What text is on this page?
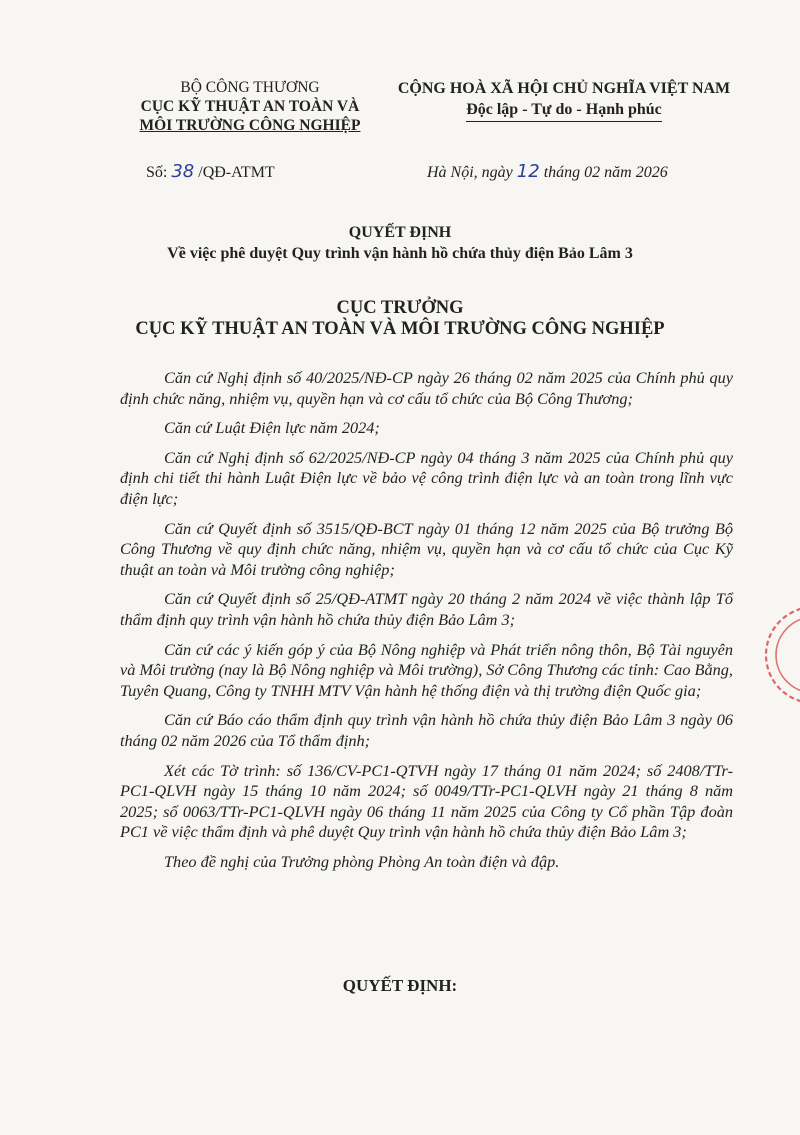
BỘ CÔNG THƯƠNG
CỤC KỸ THUẬT AN TOÀN VÀ
MÔI TRƯỜNG CÔNG NGHIỆP
CỘNG HOÀ XÃ HỘI CHỦ NGHĨA VIỆT NAM
Độc lập - Tự do - Hạnh phúc
Số: 38 /QĐ-ATMT	Hà Nội, ngày 12 tháng 02 năm 2026
QUYẾT ĐỊNH
Về việc phê duyệt Quy trình vận hành hồ chứa thủy điện Bảo Lâm 3
CỤC TRƯỞNG
CỤC KỸ THUẬT AN TOÀN VÀ MÔI TRƯỜNG CÔNG NGHIỆP

Căn cứ Nghị định số 40/2025/NĐ-CP ngày 26 tháng 02 năm 2025 của Chính phủ quy định chức năng, nhiệm vụ, quyền hạn và cơ cấu tổ chức của Bộ Công Thương;

Căn cứ Luật Điện lực năm 2024;

Căn cứ Nghị định số 62/2025/NĐ-CP ngày 04 tháng 3 năm 2025 của Chính phủ quy định chi tiết thi hành Luật Điện lực về bảo vệ công trình điện lực và an toàn trong lĩnh vực điện lực;

Căn cứ Quyết định số 3515/QĐ-BCT ngày 01 tháng 12 năm 2025 của Bộ trưởng Bộ Công Thương về quy định chức năng, nhiệm vụ, quyền hạn và cơ cấu tổ chức của Cục Kỹ thuật an toàn và Môi trường công nghiệp;

Căn cứ Quyết định số 25/QĐ-ATMT ngày 20 tháng 2 năm 2024 về việc thành lập Tổ thẩm định quy trình vận hành hồ chứa thủy điện Bảo Lâm 3;

Căn cứ các ý kiến góp ý của Bộ Nông nghiệp và Phát triển nông thôn, Bộ Tài nguyên và Môi trường (nay là Bộ Nông nghiệp và Môi trường), Sở Công Thương các tỉnh: Cao Bằng, Tuyên Quang, Công ty TNHH MTV Vận hành hệ thống điện và thị trường điện Quốc gia;

Căn cứ Báo cáo thẩm định quy trình vận hành hồ chứa thủy điện Bảo Lâm 3 ngày 06 tháng 02 năm 2026 của Tổ thẩm định;

Xét các Tờ trình: số 136/CV-PC1-QTVH ngày 17 tháng 01 năm 2024; số 2408/TTr-PC1-QLVH ngày 15 tháng 10 năm 2024; số 0049/TTr-PC1-QLVH ngày 21 tháng 8 năm 2025; số 0063/TTr-PC1-QLVH ngày 06 tháng 11 năm 2025 của Công ty Cổ phần Tập đoàn PC1 về việc thẩm định và phê duyệt Quy trình vận hành hồ chứa thủy điện Bảo Lâm 3;

Theo đề nghị của Trưởng phòng Phòng An toàn điện và đập.

QUYẾT ĐỊNH:
